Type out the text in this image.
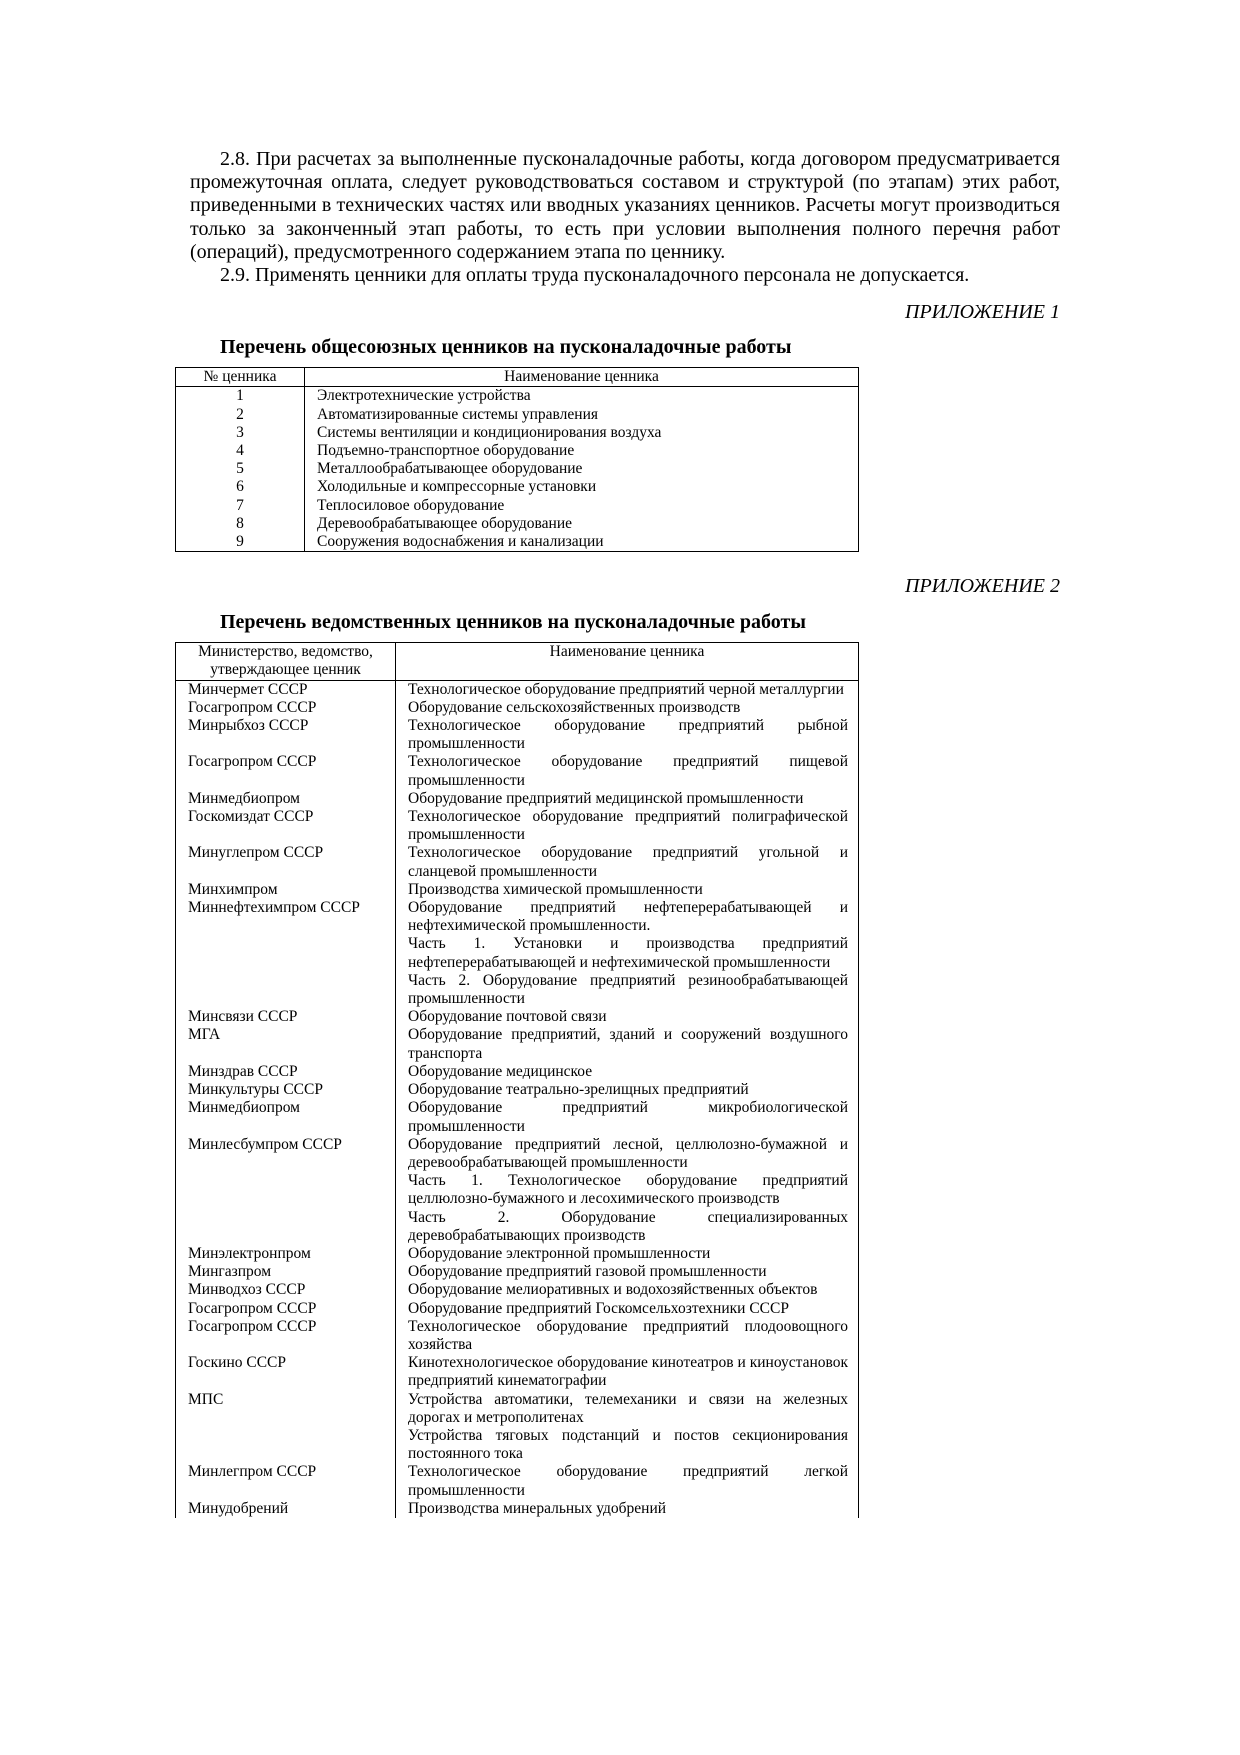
2.8. При расчетах за выполненные пусконаладочные работы, когда договором предусматривается промежуточная оплата, следует руководствоваться составом и структурой (по этапам) этих работ, приведенными в технических частях или вводных указаниях ценников. Расчеты могут производиться только за законченный этап работы, то есть при условии выполнения полного перечня работ (операций), предусмотренного содержанием этапа по ценнику.

2.9. Применять ценники для оплаты труда пусконаладочного персонала не допускается.

ПРИЛОЖЕНИЕ 1

Перечень общесоюзных ценников на пусконаладочные работы

№ ценника	Наименование ценника
1	Электротехнические устройства
2	Автоматизированные системы управления
3	Системы вентиляции и кондиционирования воздуха
4	Подъемно-транспортное оборудование
5	Металлообрабатывающее оборудование
6	Холодильные и компрессорные установки
7	Теплосиловое оборудование
8	Деревообрабатывающее оборудование
9	Сооружения водоснабжения и канализации

ПРИЛОЖЕНИЕ 2

Перечень ведомственных ценников на пусконаладочные работы

Министерство, ведомство, утверждающее ценник	Наименование ценника
Минчермет СССР	Технологическое оборудование предприятий черной металлургии
Госагропром СССР	Оборудование сельскохозяйственных производств
Минрыбхоз СССР	Технологическое оборудование предприятий рыбной промышленности
Госагропром СССР	Технологическое оборудование предприятий пищевой промышленности
Минмедбиопром	Оборудование предприятий медицинской промышленности
Госкомиздат СССР	Технологическое оборудование предприятий полиграфической промышленности
Минуглепром СССР	Технологическое оборудование предприятий угольной и сланцевой промышленности
Минхимпром	Производства химической промышленности
Миннефтехимпром СССР	Оборудование предприятий нефтеперерабатывающей и нефтехимической промышленности.
	Часть 1. Установки и производства предприятий нефтеперерабатывающей и нефтехимической промышленности
	Часть 2. Оборудование предприятий резинообрабатывающей промышленности
Минсвязи СССР	Оборудование почтовой связи
МГА	Оборудование предприятий, зданий и сооружений воздушного транспорта
Минздрав СССР	Оборудование медицинское
Минкультуры СССР	Оборудование театрально-зрелищных предприятий
Минмедбиопром	Оборудование предприятий микробиологической промышленности
Минлесбумпром СССР	Оборудование предприятий лесной, целлюлозно-бумажной и деревообрабатывающей промышленности
	Часть 1. Технологическое оборудование предприятий целлюлозно-бумажного и лесохимического производств
	Часть 2. Оборудование специализированных деревобрабатывающих производств
Минэлектронпром	Оборудование электронной промышленности
Мингазпром	Оборудование предприятий газовой промышленности
Минводхоз СССР	Оборудование мелиоративных и водохозяйственных объектов
Госагропром СССР	Оборудование предприятий Госкомсельхозтехники СССР
Госагропром СССР	Технологическое оборудование предприятий плодоовощного хозяйства
Госкино СССР	Кинотехнологическое оборудование кинотеатров и киноустановок предприятий кинематографии
МПС	Устройства автоматики, телемеханики и связи на железных дорогах и метрополитенах
	Устройства тяговых подстанций и постов секционирования постоянного тока
Минлегпром СССР	Технологическое оборудование предприятий легкой промышленности
Минудобрений	Производства минеральных удобрений
